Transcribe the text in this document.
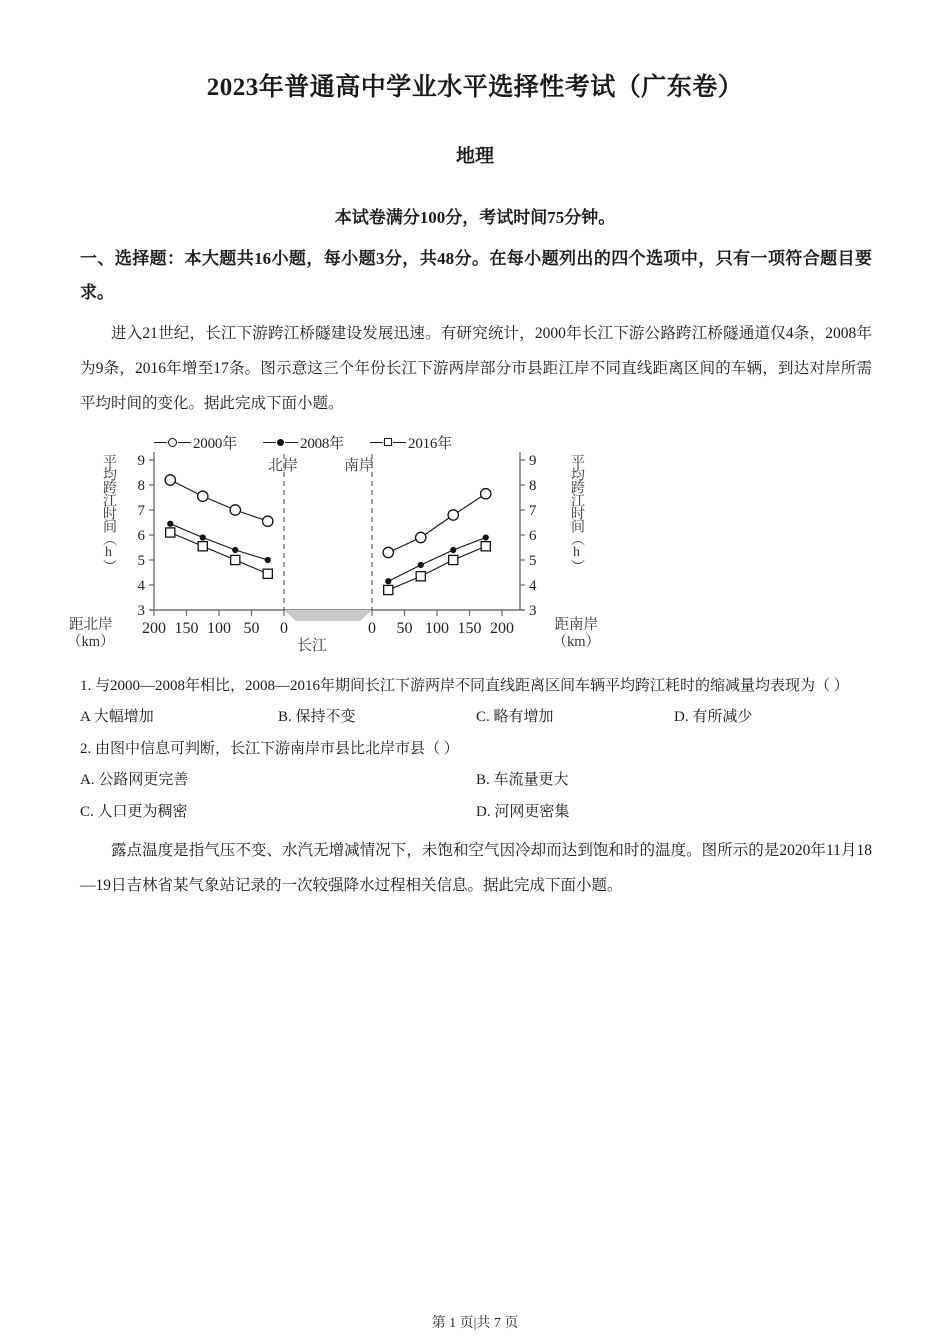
2023年普通高中学业水平选择性考试（广东卷）
地理

本试卷满分100分，考试时间75分钟。

一、选择题：本大题共16小题，每小题3分，共48分。在每小题列出的四个选项中，只有一项符合题目要求。

进入21世纪，长江下游跨江桥隧建设发展迅速。有研究统计，2000年长江下游公路跨江桥隧通道仅4条，2008年为9条，2016年增至17条。图示意这三个年份长江下游两岸部分市县距江岸不同直线距离区间的车辆，到达对岸所需平均时间的变化。据此完成下面小题。

2000年	2008年	2016年
平均跨江时间（h）	平均跨江时间（h）
距北岸
（km）
距南岸
（km）
北岸	南岸
长江
3	3
4	4
5	5
6	6
7	7
8	8
9	9
200 150 100 50 0	0 50 100 150 200

1. 与2000—2008年相比，2008—2016年期间长江下游两岸不同直线距离区间车辆平均跨江耗时的缩减量均表现为（ ）

A 大幅增加	B. 保持不变	C. 略有增加	D. 有所减少

2. 由图中信息可判断，长江下游南岸市县比北岸市县（ ）

A. 公路网更完善	B. 车流量更大
C. 人口更为稠密	D. 河网更密集

露点温度是指气压不变、水汽无增减情况下，未饱和空气因冷却而达到饱和时的温度。图所示的是2020年11月18—19日吉林省某气象站记录的一次较强降水过程相关信息。据此完成下面小题。

第 1 页|共 7 页
